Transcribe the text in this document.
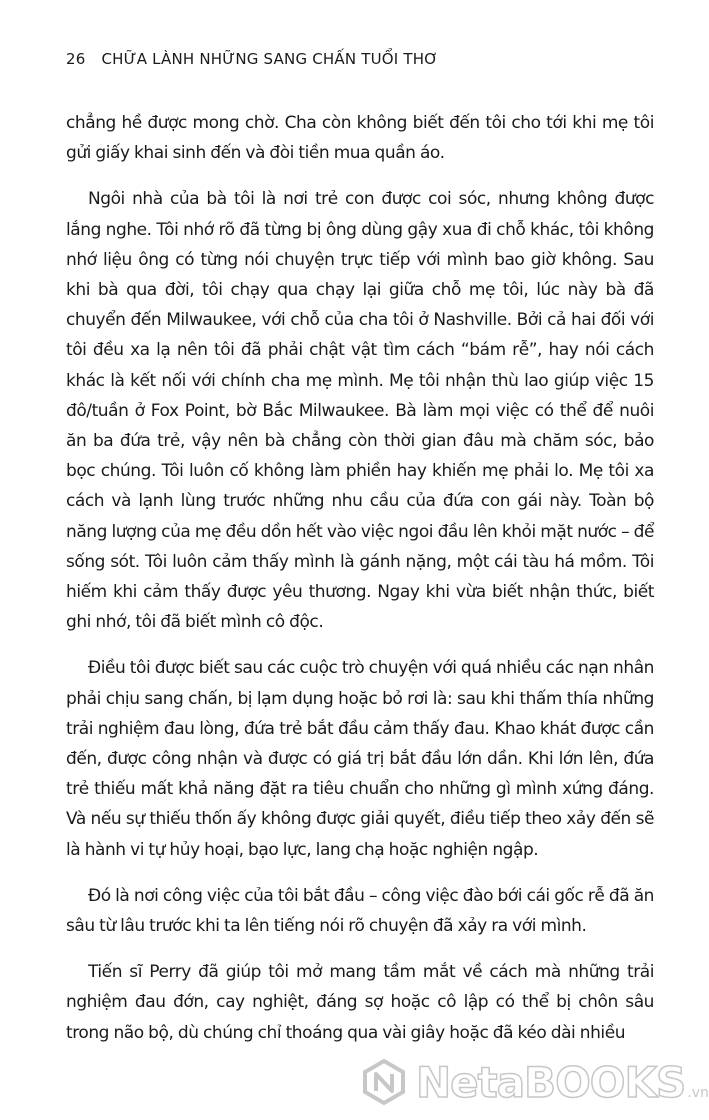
26 CHỮA LÀNH NHỮNG SANG CHẤN TUỔI THƠ

chẳng hề được mong chờ. Cha còn không biết đến tôi cho tới khi mẹ tôi gửi giấy khai sinh đến và đòi tiền mua quần áo.

Ngôi nhà của bà tôi là nơi trẻ con được coi sóc, nhưng không được lắng nghe. Tôi nhớ rõ đã từng bị ông dùng gậy xua đi chỗ khác, tôi không nhớ liệu ông có từng nói chuyện trực tiếp với mình bao giờ không. Sau khi bà qua đời, tôi chạy qua chạy lại giữa chỗ mẹ tôi, lúc này bà đã chuyển đến Milwaukee, với chỗ của cha tôi ở Nashville. Bởi cả hai đối với tôi đều xa lạ nên tôi đã phải chật vật tìm cách “bám rễ”, hay nói cách khác là kết nối với chính cha mẹ mình. Mẹ tôi nhận thù lao giúp việc 15 đô/tuần ở Fox Point, bờ Bắc Milwaukee. Bà làm mọi việc có thể để nuôi ăn ba đứa trẻ, vậy nên bà chẳng còn thời gian đâu mà chăm sóc, bảo bọc chúng. Tôi luôn cố không làm phiền hay khiến mẹ phải lo. Mẹ tôi xa cách và lạnh lùng trước những nhu cầu của đứa con gái này. Toàn bộ năng lượng của mẹ đều dồn hết vào việc ngoi đầu lên khỏi mặt nước – để sống sót. Tôi luôn cảm thấy mình là gánh nặng, một cái tàu há mồm. Tôi hiếm khi cảm thấy được yêu thương. Ngay khi vừa biết nhận thức, biết ghi nhớ, tôi đã biết mình cô độc.

Điều tôi được biết sau các cuộc trò chuyện với quá nhiều các nạn nhân phải chịu sang chấn, bị lạm dụng hoặc bỏ rơi là: sau khi thấm thía những trải nghiệm đau lòng, đứa trẻ bắt đầu cảm thấy đau. Khao khát được cần đến, được công nhận và được có giá trị bắt đầu lớn dần. Khi lớn lên, đứa trẻ thiếu mất khả năng đặt ra tiêu chuẩn cho những gì mình xứng đáng. Và nếu sự thiếu thốn ấy không được giải quyết, điều tiếp theo xảy đến sẽ là hành vi tự hủy hoại, bạo lực, lang chạ hoặc nghiện ngập.

Đó là nơi công việc của tôi bắt đầu – công việc đào bới cái gốc rễ đã ăn sâu từ lâu trước khi ta lên tiếng nói rõ chuyện đã xảy ra với mình.

Tiến sĩ Perry đã giúp tôi mở mang tầm mắt về cách mà những trải nghiệm đau đớn, cay nghiệt, đáng sợ hoặc cô lập có thể bị chôn sâu trong não bộ, dù chúng chỉ thoáng qua vài giây hoặc đã kéo dài nhiều

NetaBOOKS .vn
